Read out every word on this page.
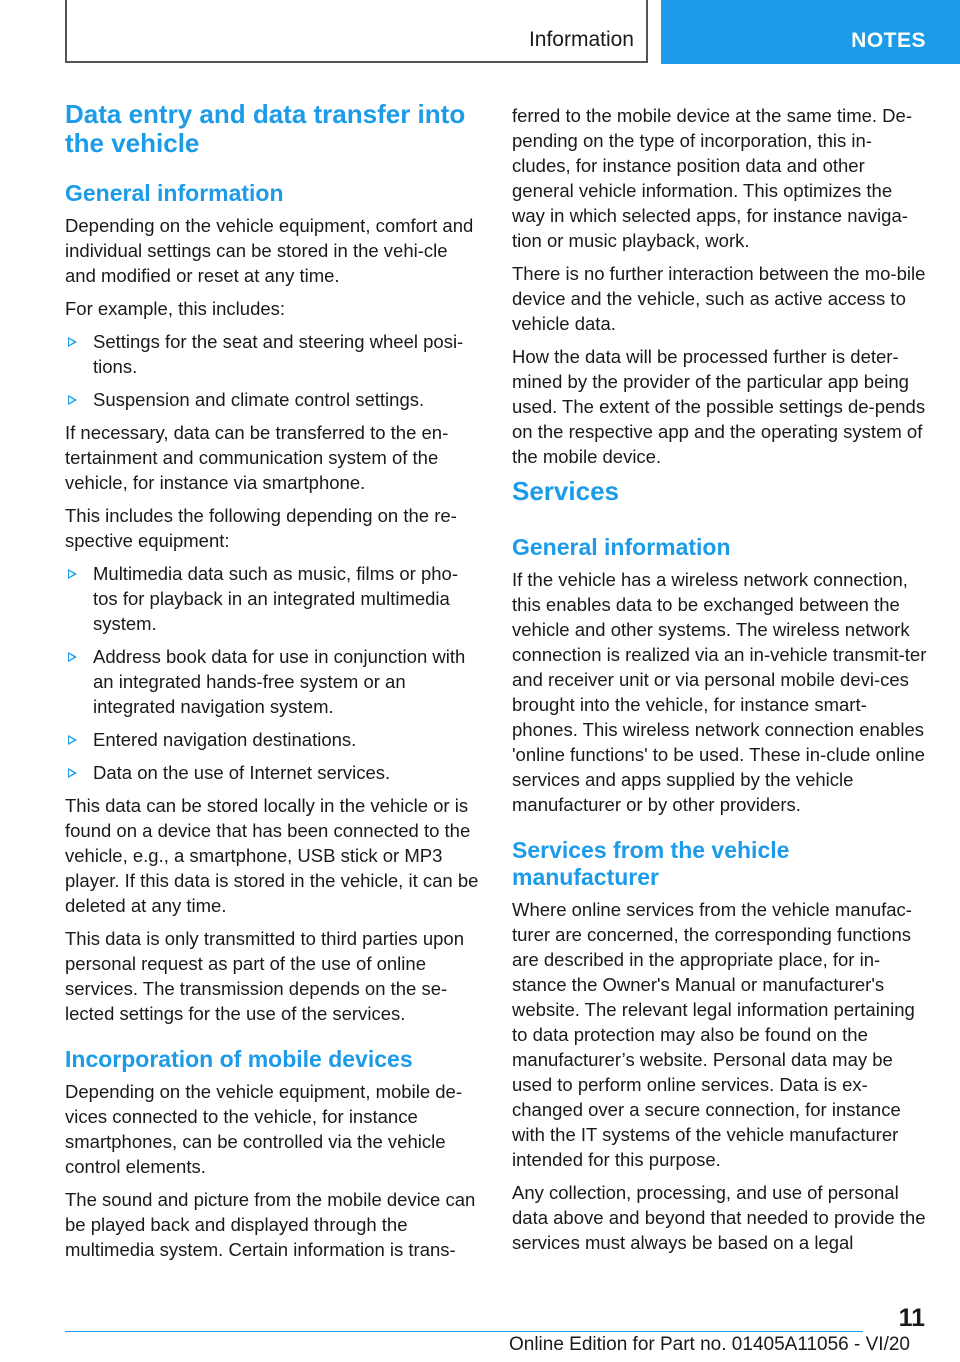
Information	NOTES
Data entry and data transfer into the vehicle
General information

Depending on the vehicle equipment, comfort and individual settings can be stored in the vehi‐cle and modified or reset at any time.

For example, this includes:

Settings for the seat and steering wheel posi‐tions.
Suspension and climate control settings.

If necessary, data can be transferred to the en‐tertainment and communication system of the vehicle, for instance via smartphone.

This includes the following depending on the re‐spective equipment:

Multimedia data such as music, films or pho‐tos for playback in an integrated multimedia system.
Address book data for use in conjunction with an integrated hands-free system or an integrated navigation system.
Entered navigation destinations.
Data on the use of Internet services.

This data can be stored locally in the vehicle or is found on a device that has been connected to the vehicle, e.g., a smartphone, USB stick or MP3 player. If this data is stored in the vehicle, it can be deleted at any time.

This data is only transmitted to third parties upon personal request as part of the use of online services. The transmission depends on the se‐lected settings for the use of the services.

Incorporation of mobile devices

Depending on the vehicle equipment, mobile de‐vices connected to the vehicle, for instance smartphones, can be controlled via the vehicle control elements.

The sound and picture from the mobile device can be played back and displayed through the multimedia system. Certain information is trans‐

ferred to the mobile device at the same time. De‐pending on the type of incorporation, this in‐cludes, for instance position data and other general vehicle information. This optimizes the way in which selected apps, for instance naviga‐tion or music playback, work.

There is no further interaction between the mo‐bile device and the vehicle, such as active access to vehicle data.

How the data will be processed further is deter‐mined by the provider of the particular app being used. The extent of the possible settings de‐pends on the respective app and the operating system of the mobile device.

Services
General information

If the vehicle has a wireless network connection, this enables data to be exchanged between the vehicle and other systems. The wireless network connection is realized via an in-vehicle transmit‐ter and receiver unit or via personal mobile devi‐ces brought into the vehicle, for instance smart‐phones. This wireless network connection enables 'online functions' to be used. These in‐clude online services and apps supplied by the vehicle manufacturer or by other providers.

Services from the vehicle manufacturer

Where online services from the vehicle manufac‐turer are concerned, the corresponding functions are described in the appropriate place, for in‐stance the Owner's Manual or manufacturer's website. The relevant legal information pertaining to data protection may also be found on the manufacturer’s website. Personal data may be used to perform online services. Data is ex‐changed over a secure connection, for instance with the IT systems of the vehicle manufacturer intended for this purpose.

Any collection, processing, and use of personal data above and beyond that needed to provide the services must always be based on a legal

11
Online Edition for Part no. 01405A11056 - VI/20
